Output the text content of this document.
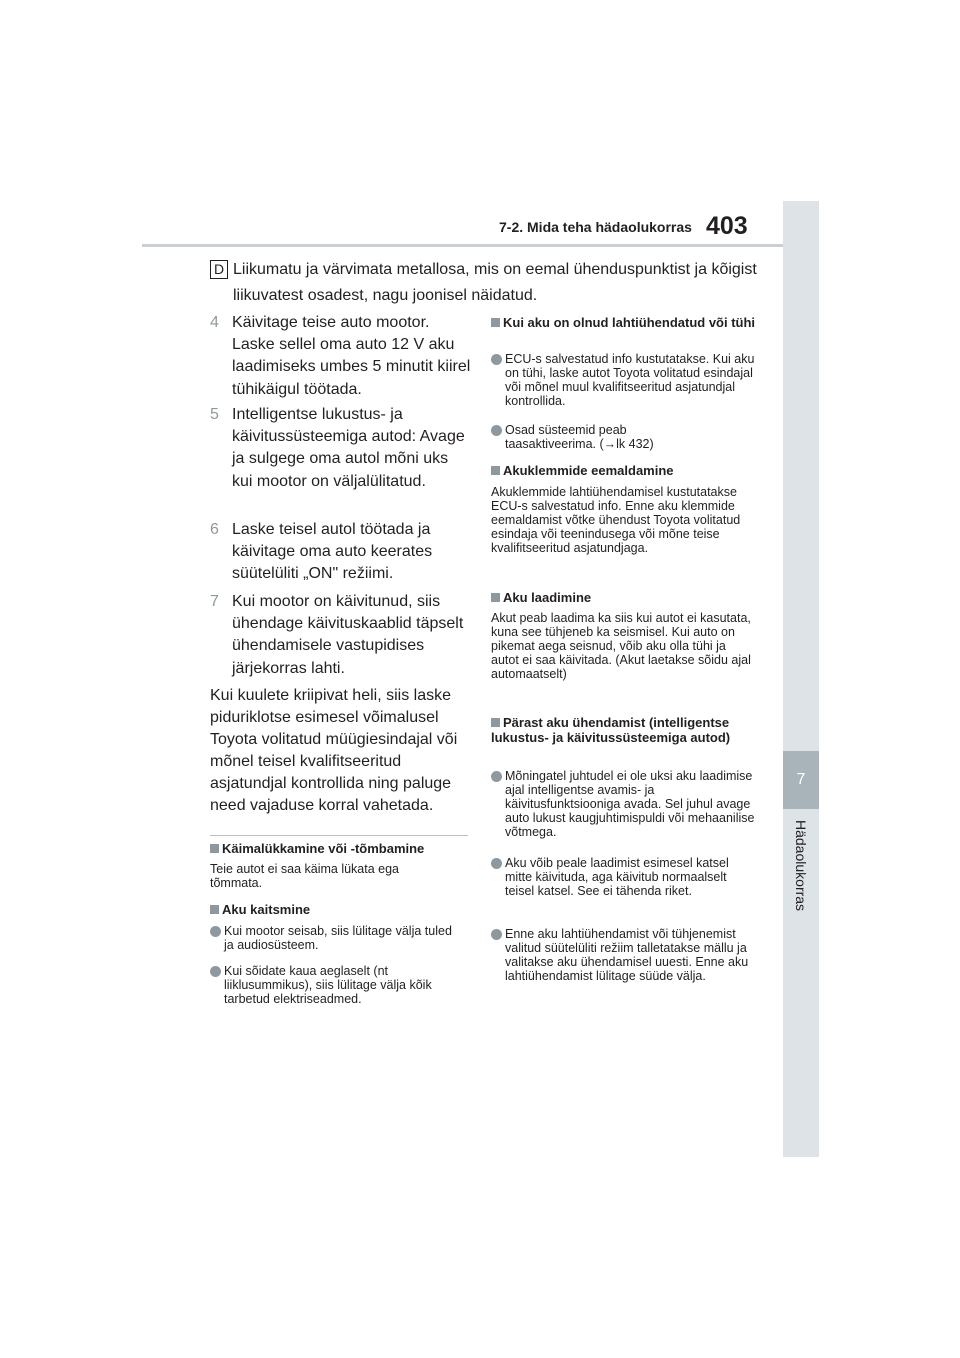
7-2. Mida teha hädaolukorras 403
7
Hädaolukorras
D Liikumatu ja värvimata metallosa, mis on eemal ühenduspunktist ja kõigist liikuvatest osadest, nagu joonisel näidatud.
4 Käivitage teise auto mootor. Laske sellel oma auto 12 V aku laadimiseks umbes 5 minutit kiirel tühikäigul töötada.
5 Intelligentse lukustus- ja käivitussüsteemiga autod: Avage ja sulgege oma autol mõni uks kui mootor on väljalülitatud.
6 Laske teisel autol töötada ja käivitage oma auto keerates süütelüliti „ON" režiimi.
7 Kui mootor on käivitunud, siis ühendage käivituskaablid täpselt ühendamisele vastupidises järjekorras lahti.
Kui kuulete kriipivat heli, siis laske piduriklotse esimesel võimalusel Toyota volitatud müügiesindajal või mõnel teisel kvalifitseeritud asjatundjal kontrollida ning paluge need vajaduse korral vahetada.
Käimalükkamine või -tõmbamine
Teie autot ei saa käima lükata ega tõmmata.
Aku kaitsmine
Kui mootor seisab, siis lülitage välja tuled ja audiosüsteem.
Kui sõidate kaua aeglaselt (nt liiklusummikus), siis lülitage välja kõik tarbetud elektriseadmed.
Kui aku on olnud lahtiühendatud või tühi
ECU-s salvestatud info kustutatakse. Kui aku on tühi, laske autot Toyota volitatud esindajal või mõnel muul kvalifitseeritud asjatundjal kontrollida.
Osad süsteemid peab taasaktiveerima. (→lk 432)
Akuklemmide eemaldamine
Akuklemmide lahtiühendamisel kustutatakse ECU-s salvestatud info. Enne aku klemmide eemaldamist võtke ühendust Toyota volitatud esindaja või teenindusega või mõne teise kvalifitseeritud asjatundjaga.
Aku laadimine
Akut peab laadima ka siis kui autot ei kasutata, kuna see tühjeneb ka seismisel. Kui auto on pikemat aega seisnud, võib aku olla tühi ja autot ei saa käivitada. (Akut laetakse sõidu ajal automaatselt)
Pärast aku ühendamist (intelligentse lukustus- ja käivitussüsteemiga autod)
Mõningatel juhtudel ei ole uksi aku laadimise ajal intelligentse avamis- ja käivitusfunktsiooniga avada. Sel juhul avage auto lukust kaugjuhtimispuldi või mehaanilise võtmega.
Aku võib peale laadimist esimesel katsel mitte käivituda, aga käivitub normaalselt teisel katsel. See ei tähenda riket.
Enne aku lahtiühendamist või tühjenemist valitud süütelüliti režiim talletatakse mällu ja valitakse aku ühendamisel uuesti. Enne aku lahtiühendamist lülitage süüde välja.
